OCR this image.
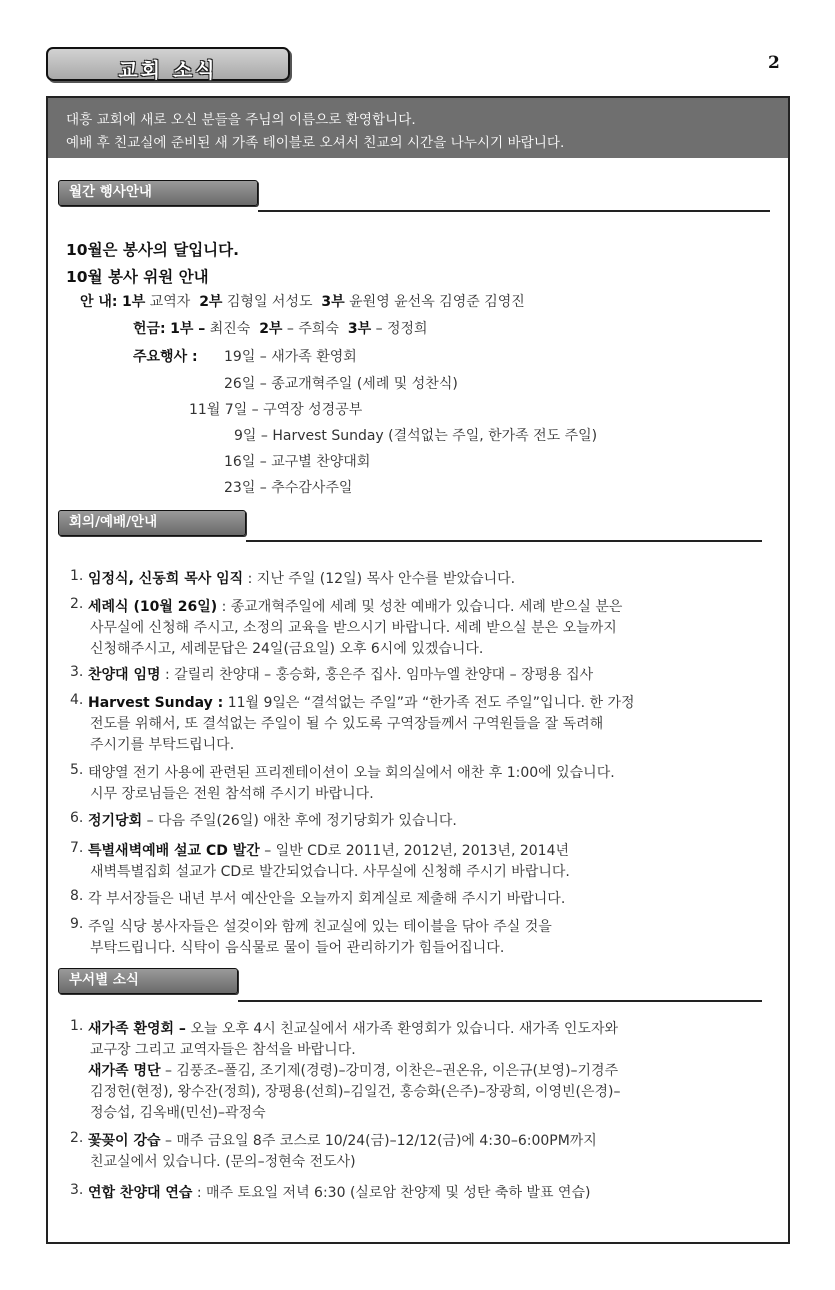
교회 소식	2
대흥 교회에 새로 오신 분들을 주님의 이름으로 환영합니다.
예배 후 친교실에 준비된 새 가족 테이블로 오셔서 친교의 시간을 나누시기 바랍니다.
월간 행사안내
10월은 봉사의 달입니다.
10월 봉사 위원 안내
안 내: 1부 교역자 2부 김형일 서성도 3부 윤원영 윤선옥 김영준 김영진
헌금: 1부 – 최진숙 2부 – 주희숙 3부 – 정정희
주요행사 : 19일 – 새가족 환영회
26일 – 종교개혁주일 (세례 및 성찬식)
11월 7일 – 구역장 성경공부
9일 – Harvest Sunday (결석없는 주일, 한가족 전도 주일)
16일 – 교구별 찬양대회
23일 – 추수감사주일
회의/예배/안내
1. 임정식, 신동희 목사 임직 : 지난 주일 (12일) 목사 안수를 받았습니다.
2. 세례식 (10월 26일) : 종교개혁주일에 세례 및 성찬 예배가 있습니다. 세례 받으실 분은
사무실에 신청해 주시고, 소정의 교육을 받으시기 바랍니다. 세례 받으실 분은 오늘까지
신청해주시고, 세례문답은 24일(금요일) 오후 6시에 있겠습니다.
3. 찬양대 임명 : 갈릴리 찬양대 – 홍승화, 홍은주 집사. 임마누엘 찬양대 – 장평용 집사
4. Harvest Sunday : 11월 9일은 “결석없는 주일”과 “한가족 전도 주일”입니다. 한 가정
전도를 위해서, 또 결석없는 주일이 될 수 있도록 구역장들께서 구역원들을 잘 독려해
주시기를 부탁드립니다.
5. 태양열 전기 사용에 관련된 프리젠테이션이 오늘 회의실에서 애찬 후 1:00에 있습니다.
시무 장로님들은 전원 참석해 주시기 바랍니다.
6. 정기당회 – 다음 주일(26일) 애찬 후에 정기당회가 있습니다.
7. 특별새벽예배 설교 CD 발간 – 일반 CD로 2011년, 2012년, 2013년, 2014년
새벽특별집회 설교가 CD로 발간되었습니다. 사무실에 신청해 주시기 바랍니다.
8. 각 부서장들은 내년 부서 예산안을 오늘까지 회계실로 제출해 주시기 바랍니다.
9. 주일 식당 봉사자들은 설겆이와 함께 친교실에 있는 테이블을 닦아 주실 것을
부탁드립니다. 식탁이 음식물로 물이 들어 관리하기가 힘들어집니다.
부서별 소식
1. 새가족 환영회 – 오늘 오후 4시 친교실에서 새가족 환영회가 있습니다. 새가족 인도자와
교구장 그리고 교역자들은 참석을 바랍니다.
새가족 명단 – 김풍조–폴김, 조기제(경령)–강미경, 이찬은–권온유, 이은규(보영)–기경주
김정헌(현정), 왕수잔(정희), 장평용(선희)–김일건, 홍승화(은주)–장광희, 이영빈(은경)–
정승섭, 김옥배(민선)–곽정숙
2. 꽃꽂이 강습 – 매주 금요일 8주 코스로 10/24(금)–12/12(금)에 4:30–6:00PM까지
친교실에서 있습니다. (문의–정현숙 전도사)
3. 연합 찬양대 연습 : 매주 토요일 저녁 6:30 (실로암 찬양제 및 성탄 축하 발표 연습)
